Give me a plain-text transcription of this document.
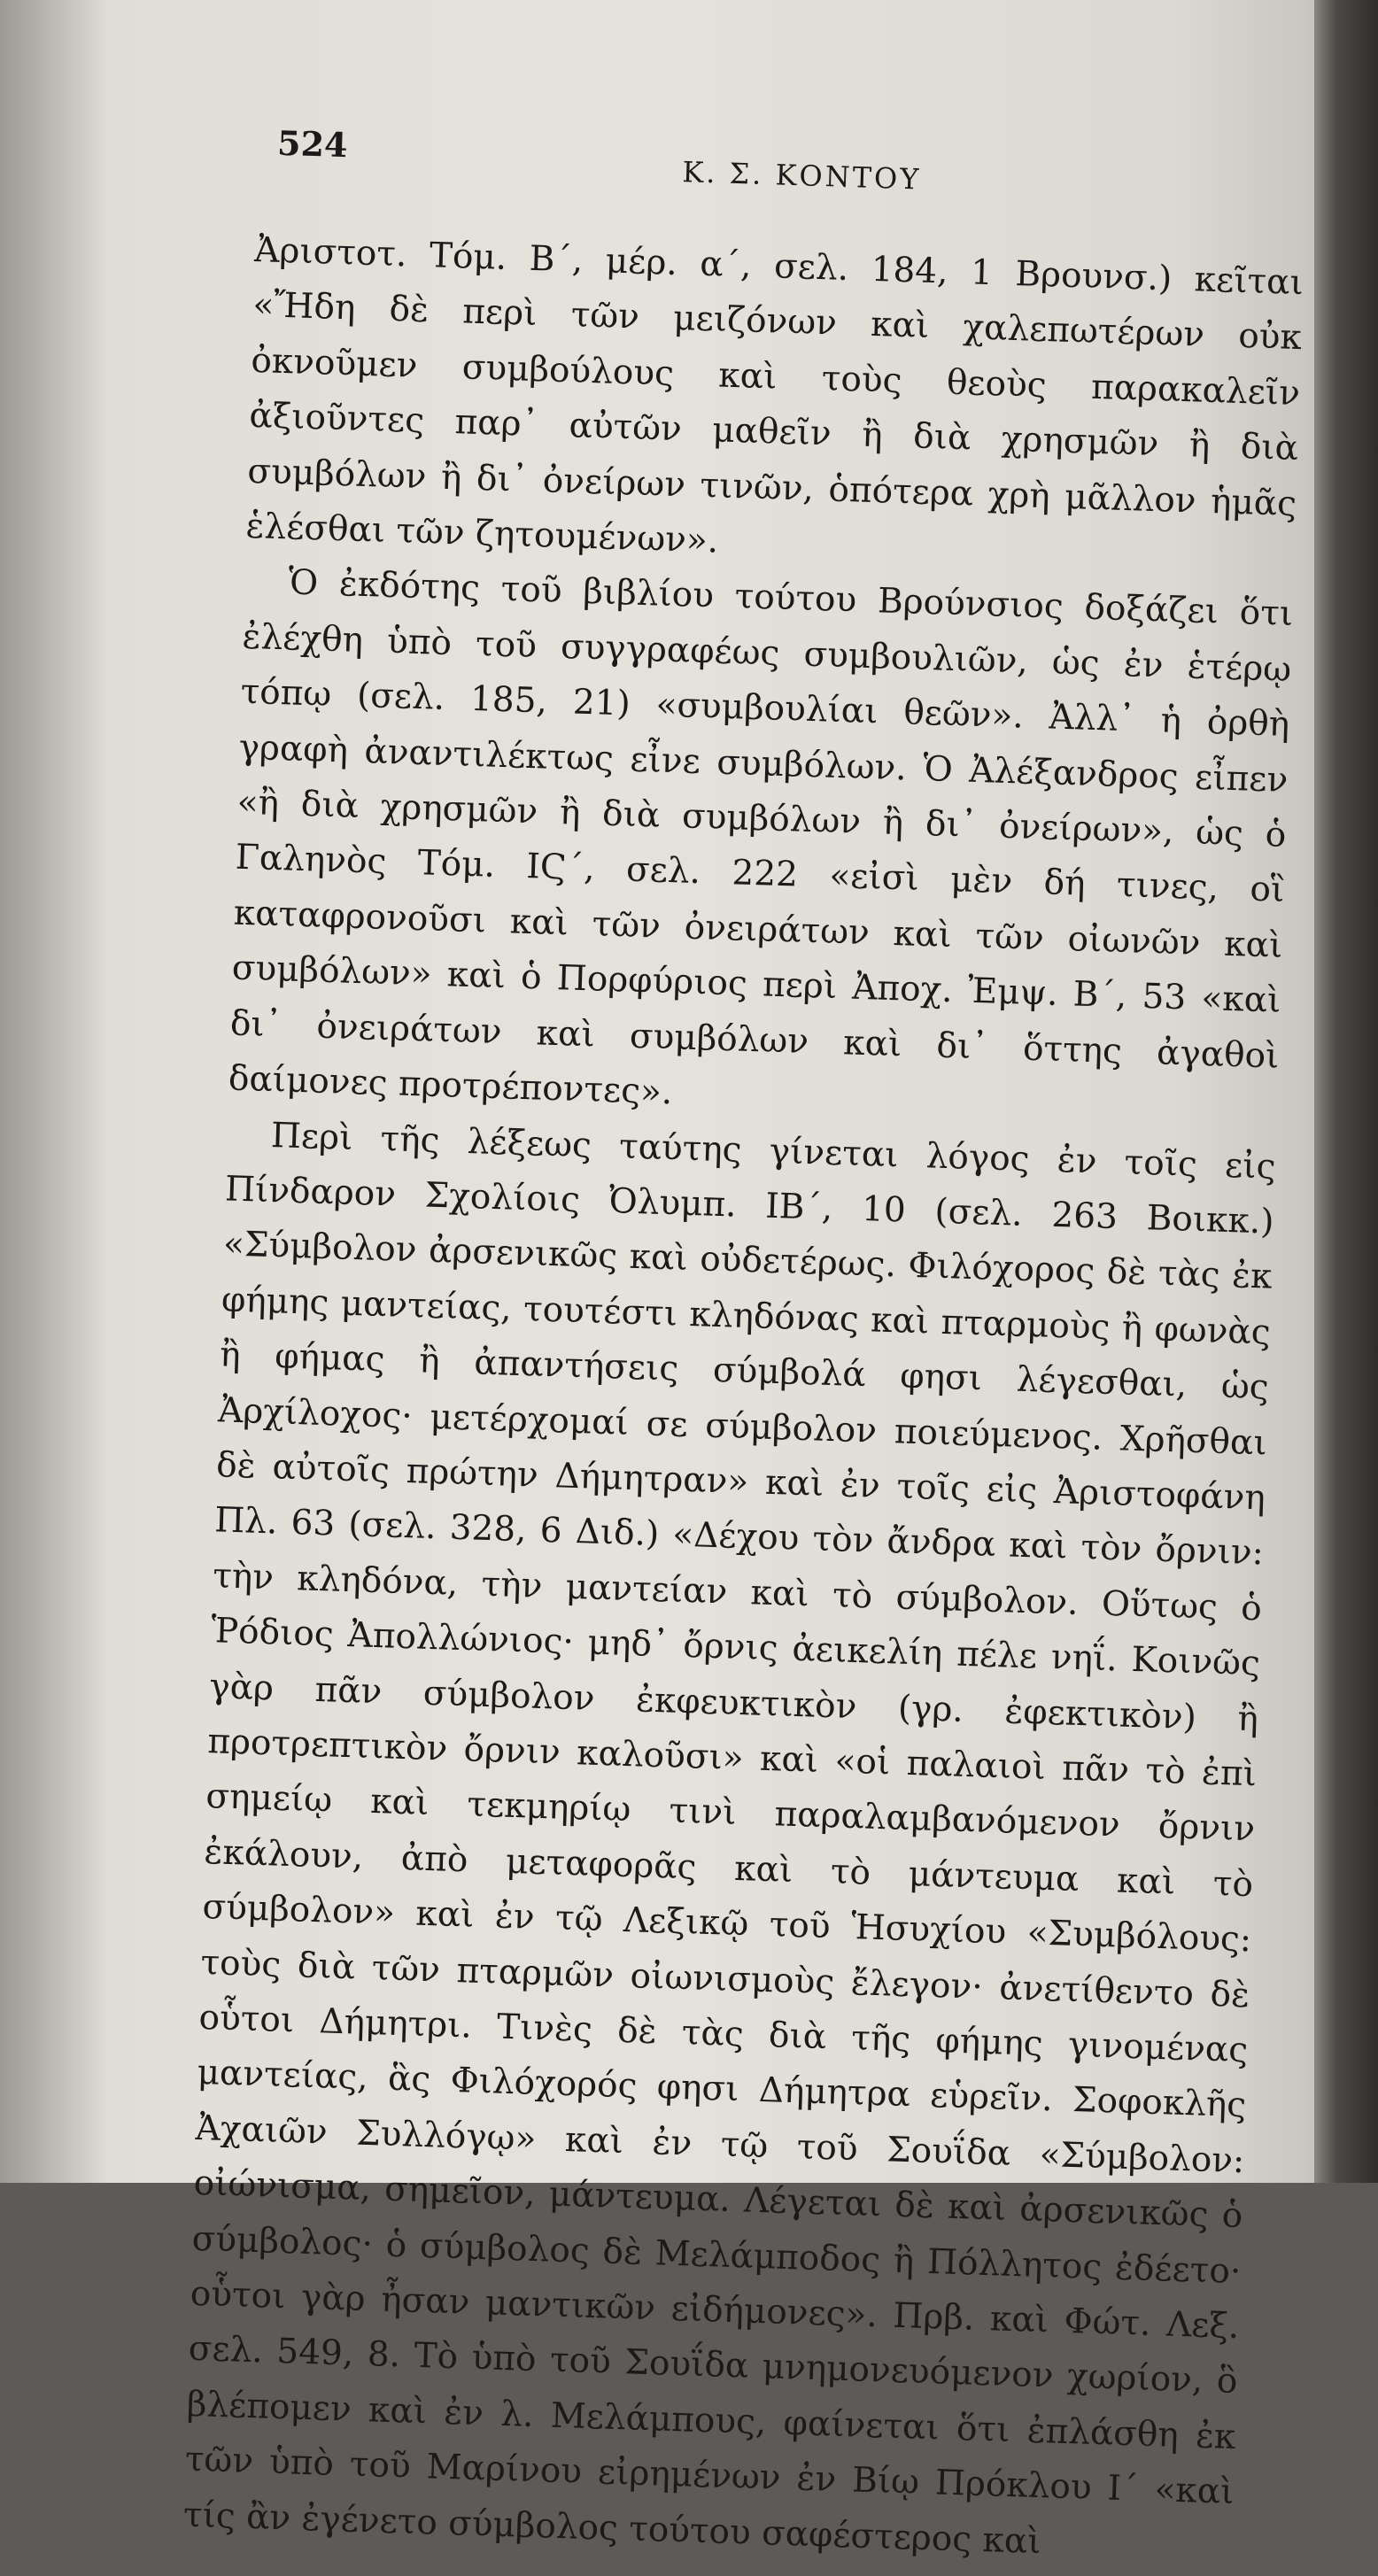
524
Κ. Σ. ΚΟΝΤΟΥ

Ἀριστοτ. Τόμ. Β΄, μέρ. α΄, σελ. 184, 1 Βρουνσ.) κεῖται «Ἤδη δὲ περὶ τῶν μειζόνων καὶ χαλεπωτέρων οὐκ ὀκνοῦμεν συμβούλους καὶ τοὺς θεοὺς παρακαλεῖν ἀξιοῦντες παρ᾿ αὐτῶν μαθεῖν ἢ διὰ χρησμῶν ἢ διὰ συμβόλων ἢ δι᾿ ὀνείρων τινῶν, ὁπότερα χρὴ μᾶλλον ἡμᾶς ἑλέσθαι τῶν ζητουμένων».

Ὁ ἐκδότης τοῦ βιβλίου τούτου Βρούνσιος δοξάζει ὅτι ἐλέχθη ὑπὸ τοῦ συγγραφέως συμβουλιῶν, ὡς ἐν ἑτέρῳ τόπῳ (σελ. 185, 21) «συμβουλίαι θεῶν». Ἀλλ᾿ ἡ ὀρθὴ γραφὴ ἀναντιλέκτως εἶνε συμβόλων. Ὁ Ἀλέξανδρος εἶπεν «ἢ διὰ χρησμῶν ἢ διὰ συμβόλων ἢ δι᾿ ὀνείρων», ὡς ὁ Γαληνὸς Τόμ. ΙϚ΄, σελ. 222 «εἰσὶ μὲν δή τινες, οἳ καταφρονοῦσι καὶ τῶν ὀνειράτων καὶ τῶν οἰωνῶν καὶ συμβόλων» καὶ ὁ Πορφύριος περὶ Ἀποχ. Ἐμψ. Β΄, 53 «καὶ δι᾿ ὀνειράτων καὶ συμβόλων καὶ δι᾿ ὅττης ἀγαθοὶ δαίμονες προτρέποντες».

Περὶ τῆς λέξεως ταύτης γίνεται λόγος ἐν τοῖς εἰς Πίνδαρον Σχολίοις Ὀλυμπ. ΙΒ΄, 10 (σελ. 263 Βοικκ.) «Σύμβολον ἀρσενικῶς καὶ οὐδετέρως. Φιλόχορος δὲ τὰς ἐκ φήμης μαντείας, τουτέστι κληδόνας καὶ πταρμοὺς ἢ φωνὰς ἢ φήμας ἢ ἀπαντήσεις σύμβολά φησι λέγεσθαι, ὡς Ἀρχίλοχος· μετέρχομαί σε σύμβολον ποιεύμενος. Χρῆσθαι δὲ αὐτοῖς πρώτην Δήμητραν» καὶ ἐν τοῖς εἰς Ἀριστοφάνη Πλ. 63 (σελ. 328, 6 Διδ.) «Δέχου τὸν ἄνδρα καὶ τὸν ὄρνιν: τὴν κληδόνα, τὴν μαντείαν καὶ τὸ σύμβολον. Οὕτως ὁ Ῥόδιος Ἀπολλώνιος· μηδ᾿ ὄρνις ἀεικελίη πέλε νηΐ. Κοινῶς γὰρ πᾶν σύμβολον ἐκφευκτικὸν (γρ. ἐφεκτικὸν) ἢ προτρεπτικὸν ὄρνιν καλοῦσι» καὶ «οἱ παλαιοὶ πᾶν τὸ ἐπὶ σημείῳ καὶ τεκμηρίῳ τινὶ παραλαμβανόμενον ὄρνιν ἐκάλουν, ἀπὸ μεταφορᾶς καὶ τὸ μάντευμα καὶ τὸ σύμβολον» καὶ ἐν τῷ Λεξικῷ τοῦ Ἡσυχίου «Συμβόλους: τοὺς διὰ τῶν πταρμῶν οἰωνισμοὺς ἔλεγον· ἀνετίθεντο δὲ οὗτοι Δήμητρι. Τινὲς δὲ τὰς διὰ τῆς φήμης γινομένας μαντείας, ἃς Φιλόχορός φησι Δήμητρα εὑρεῖν. Σοφοκλῆς Ἀχαιῶν Συλλόγῳ» καὶ ἐν τῷ τοῦ Σουΐδα «Σύμβολον: οἰώνισμα, σημεῖον, μάντευμα. Λέγεται δὲ καὶ ἀρσενικῶς ὁ σύμβολος· ὁ σύμβολος δὲ Μελάμποδος ἢ Πόλλητος ἐδέετο· οὗτοι γὰρ ἦσαν μαντικῶν εἰδήμονες». Πρβ. καὶ Φώτ. Λεξ. σελ. 549, 8. Τὸ ὑπὸ τοῦ Σουΐδα μνημονευόμενον χωρίον, ὃ βλέπομεν καὶ ἐν λ. Μελάμπους, φαίνεται ὅτι ἐπλάσθη ἐκ τῶν ὑπὸ τοῦ Μαρίνου εἰρημένων ἐν Βίῳ Πρόκλου Ι΄ «καὶ τίς ἂν ἐγένετο σύμβολος τούτου σαφέστερος καὶ
